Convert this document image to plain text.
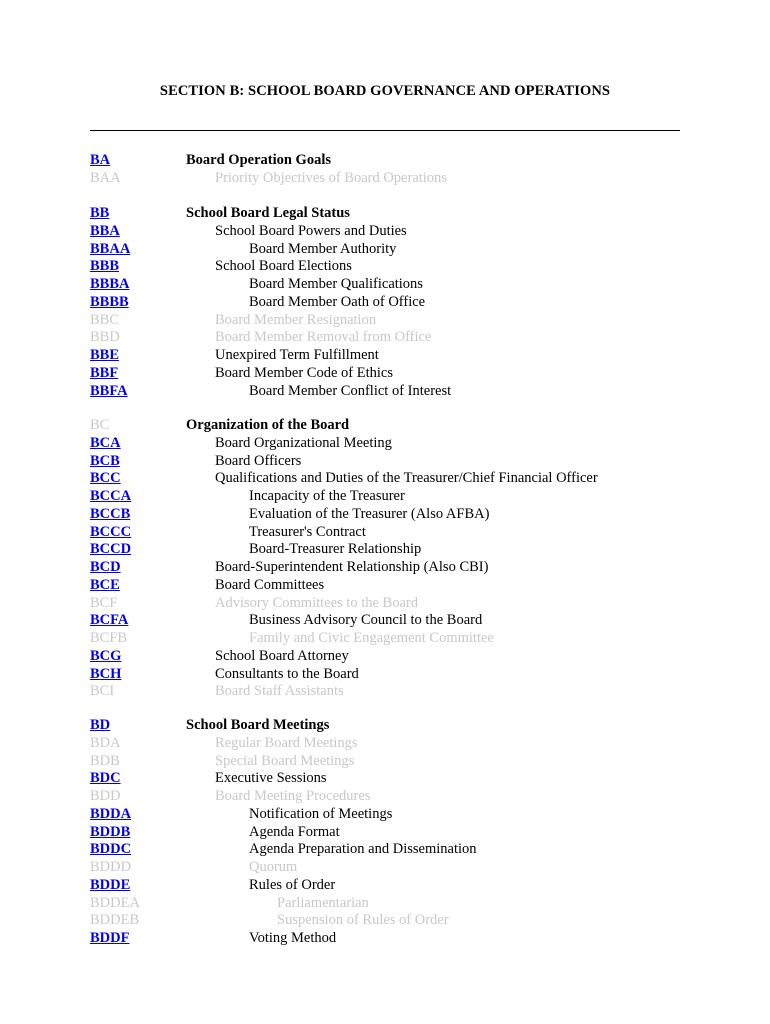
SECTION B: SCHOOL BOARD GOVERNANCE AND OPERATIONS
BA	Board Operation Goals
BAA	Priority Objectives of Board Operations
BB	School Board Legal Status
BBA	School Board Powers and Duties
BBAA	Board Member Authority
BBB	School Board Elections
BBBA	Board Member Qualifications
BBBB	Board Member Oath of Office
BBC	Board Member Resignation
BBD	Board Member Removal from Office
BBE	Unexpired Term Fulfillment
BBF	Board Member Code of Ethics
BBFA	Board Member Conflict of Interest
BC	Organization of the Board
BCA	Board Organizational Meeting
BCB	Board Officers
BCC	Qualifications and Duties of the Treasurer/Chief Financial Officer
BCCA	Incapacity of the Treasurer
BCCB	Evaluation of the Treasurer (Also AFBA)
BCCC	Treasurer's Contract
BCCD	Board-Treasurer Relationship
BCD	Board-Superintendent Relationship (Also CBI)
BCE	Board Committees
BCF	Advisory Committees to the Board
BCFA	Business Advisory Council to the Board
BCFB	Family and Civic Engagement Committee
BCG	School Board Attorney
BCH	Consultants to the Board
BCI	Board Staff Assistants
BD	School Board Meetings
BDA	Regular Board Meetings
BDB	Special Board Meetings
BDC	Executive Sessions
BDD	Board Meeting Procedures
BDDA	Notification of Meetings
BDDB	Agenda Format
BDDC	Agenda Preparation and Dissemination
BDDD	Quorum
BDDE	Rules of Order
BDDEA	Parliamentarian
BDDEB	Suspension of Rules of Order
BDDF	Voting Method
